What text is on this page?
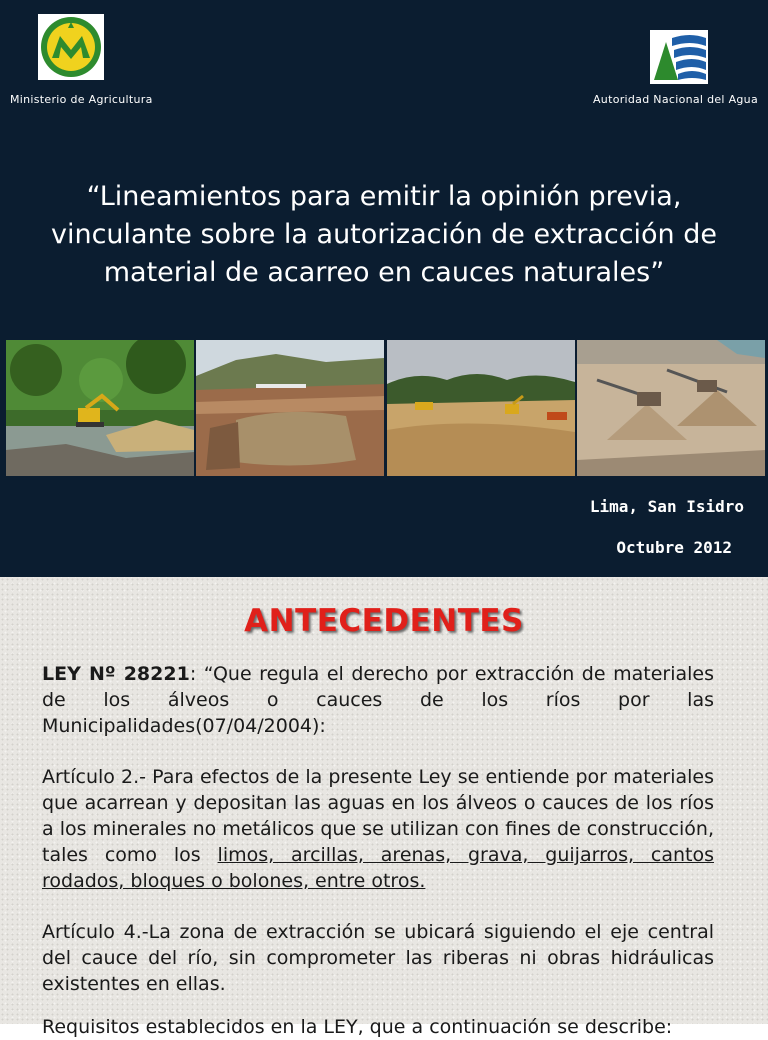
Ministerio de Agricultura	Autoridad Nacional del Agua
“Lineamientos para emitir la opinión previa, vinculante sobre la autorización de extracción de material de acarreo en cauces naturales”
Lima, San Isidro
Octubre 2012
ANTECEDENTES

LEY Nº 28221: “Que regula el derecho por extracción de materiales de los álveos o cauces de los ríos por las Municipalidades(07/04/2004):

Artículo 2.- Para efectos de la presente Ley se entiende por materiales que acarrean y depositan las aguas en los álveos o cauces de los ríos a los minerales no metálicos que se utilizan con fines de construcción, tales como los limos, arcillas, arenas, grava, guijarros, cantos rodados, bloques o bolones, entre otros.

Artículo 4.-La zona de extracción se ubicará siguiendo el eje central del cauce del río, sin comprometer las riberas ni obras hidráulicas existentes en ellas.

Requisitos establecidos en la LEY, que a continuación se describe:
